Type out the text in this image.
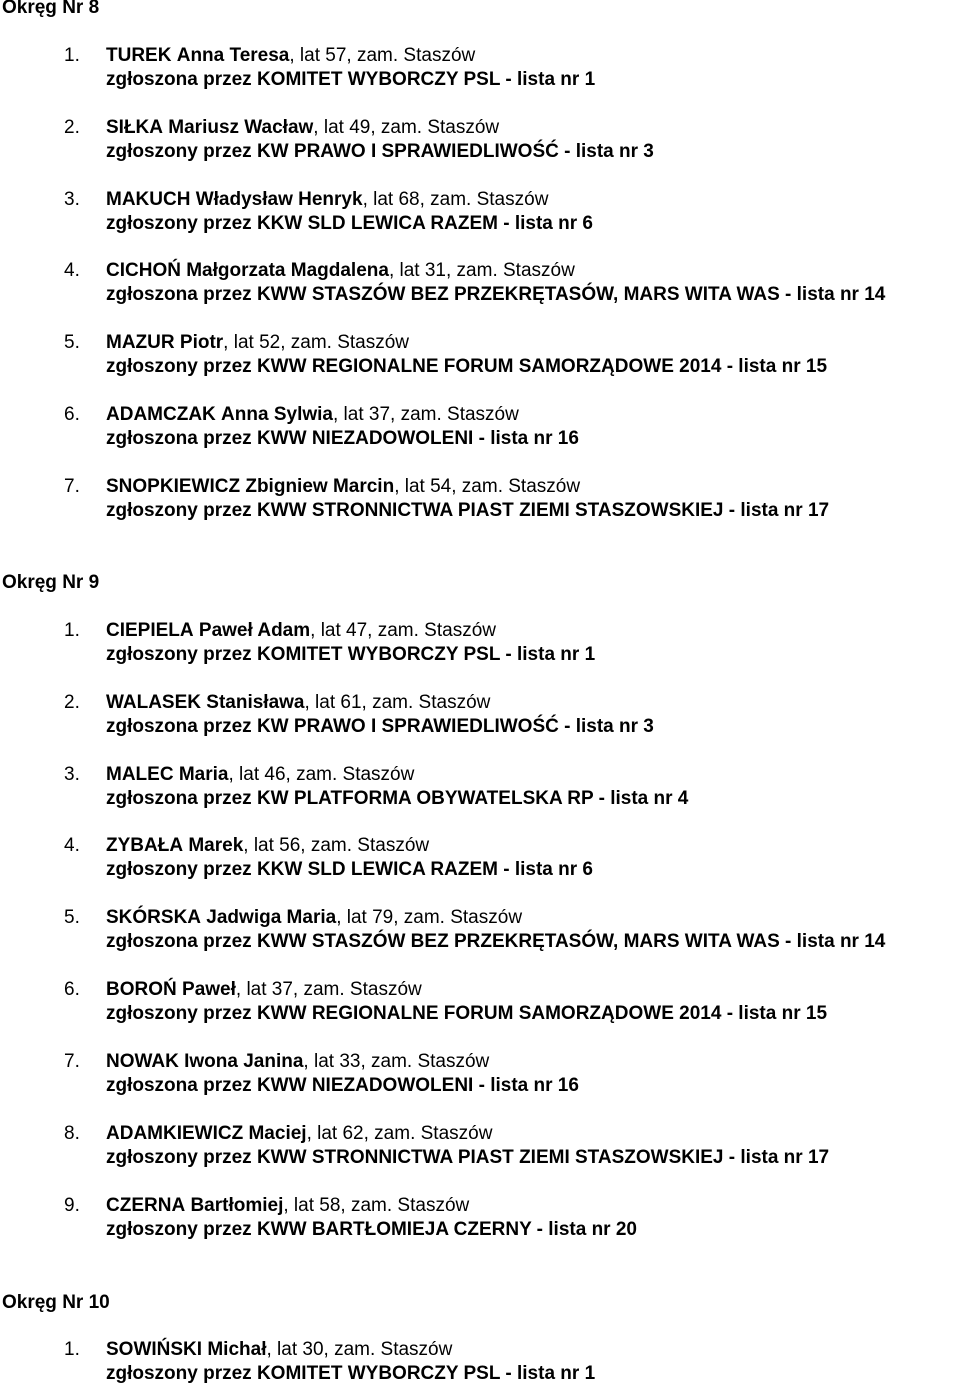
Okręg Nr 8
1. TUREK Anna Teresa, lat 57, zam. Staszów
zgłoszona przez KOMITET WYBORCZY PSL - lista nr 1
2. SIŁKA Mariusz Wacław, lat 49, zam. Staszów
zgłoszony przez KW PRAWO I SPRAWIEDLIWOŚĆ - lista nr 3
3. MAKUCH Władysław Henryk, lat 68, zam. Staszów
zgłoszony przez KKW SLD LEWICA RAZEM - lista nr 6
4. CICHOŃ Małgorzata Magdalena, lat 31, zam. Staszów
zgłoszona przez KWW STASZÓW BEZ PRZEKRĘTASÓW, MARS WITA WAS - lista nr 14
5. MAZUR Piotr, lat 52, zam. Staszów
zgłoszony przez KWW REGIONALNE FORUM SAMORZĄDOWE 2014 - lista nr 15
6. ADAMCZAK Anna Sylwia, lat 37, zam. Staszów
zgłoszona przez KWW NIEZADOWOLENI - lista nr 16
7. SNOPKIEWICZ Zbigniew Marcin, lat 54, zam. Staszów
zgłoszony przez KWW STRONNICTWA PIAST ZIEMI STASZOWSKIEJ - lista nr 17
Okręg Nr 9
1. CIEPIELA Paweł Adam, lat 47, zam. Staszów
zgłoszony przez KOMITET WYBORCZY PSL - lista nr 1
2. WALASEK Stanisława, lat 61, zam. Staszów
zgłoszona przez KW PRAWO I SPRAWIEDLIWOŚĆ - lista nr 3
3. MALEC Maria, lat 46, zam. Staszów
zgłoszona przez KW PLATFORMA OBYWATELSKA RP - lista nr 4
4. ZYBAŁA Marek, lat 56, zam. Staszów
zgłoszony przez KKW SLD LEWICA RAZEM - lista nr 6
5. SKÓRSKA Jadwiga Maria, lat 79, zam. Staszów
zgłoszona przez KWW STASZÓW BEZ PRZEKRĘTASÓW, MARS WITA WAS - lista nr 14
6. BOROŃ Paweł, lat 37, zam. Staszów
zgłoszony przez KWW REGIONALNE FORUM SAMORZĄDOWE 2014 - lista nr 15
7. NOWAK Iwona Janina, lat 33, zam. Staszów
zgłoszona przez KWW NIEZADOWOLENI - lista nr 16
8. ADAMKIEWICZ Maciej, lat 62, zam. Staszów
zgłoszony przez KWW STRONNICTWA PIAST ZIEMI STASZOWSKIEJ - lista nr 17
9. CZERNA Bartłomiej, lat 58, zam. Staszów
zgłoszony przez KWW BARTŁOMIEJA CZERNY - lista nr 20
Okręg Nr 10
1. SOWIŃSKI Michał, lat 30, zam. Staszów
zgłoszony przez KOMITET WYBORCZY PSL - lista nr 1
